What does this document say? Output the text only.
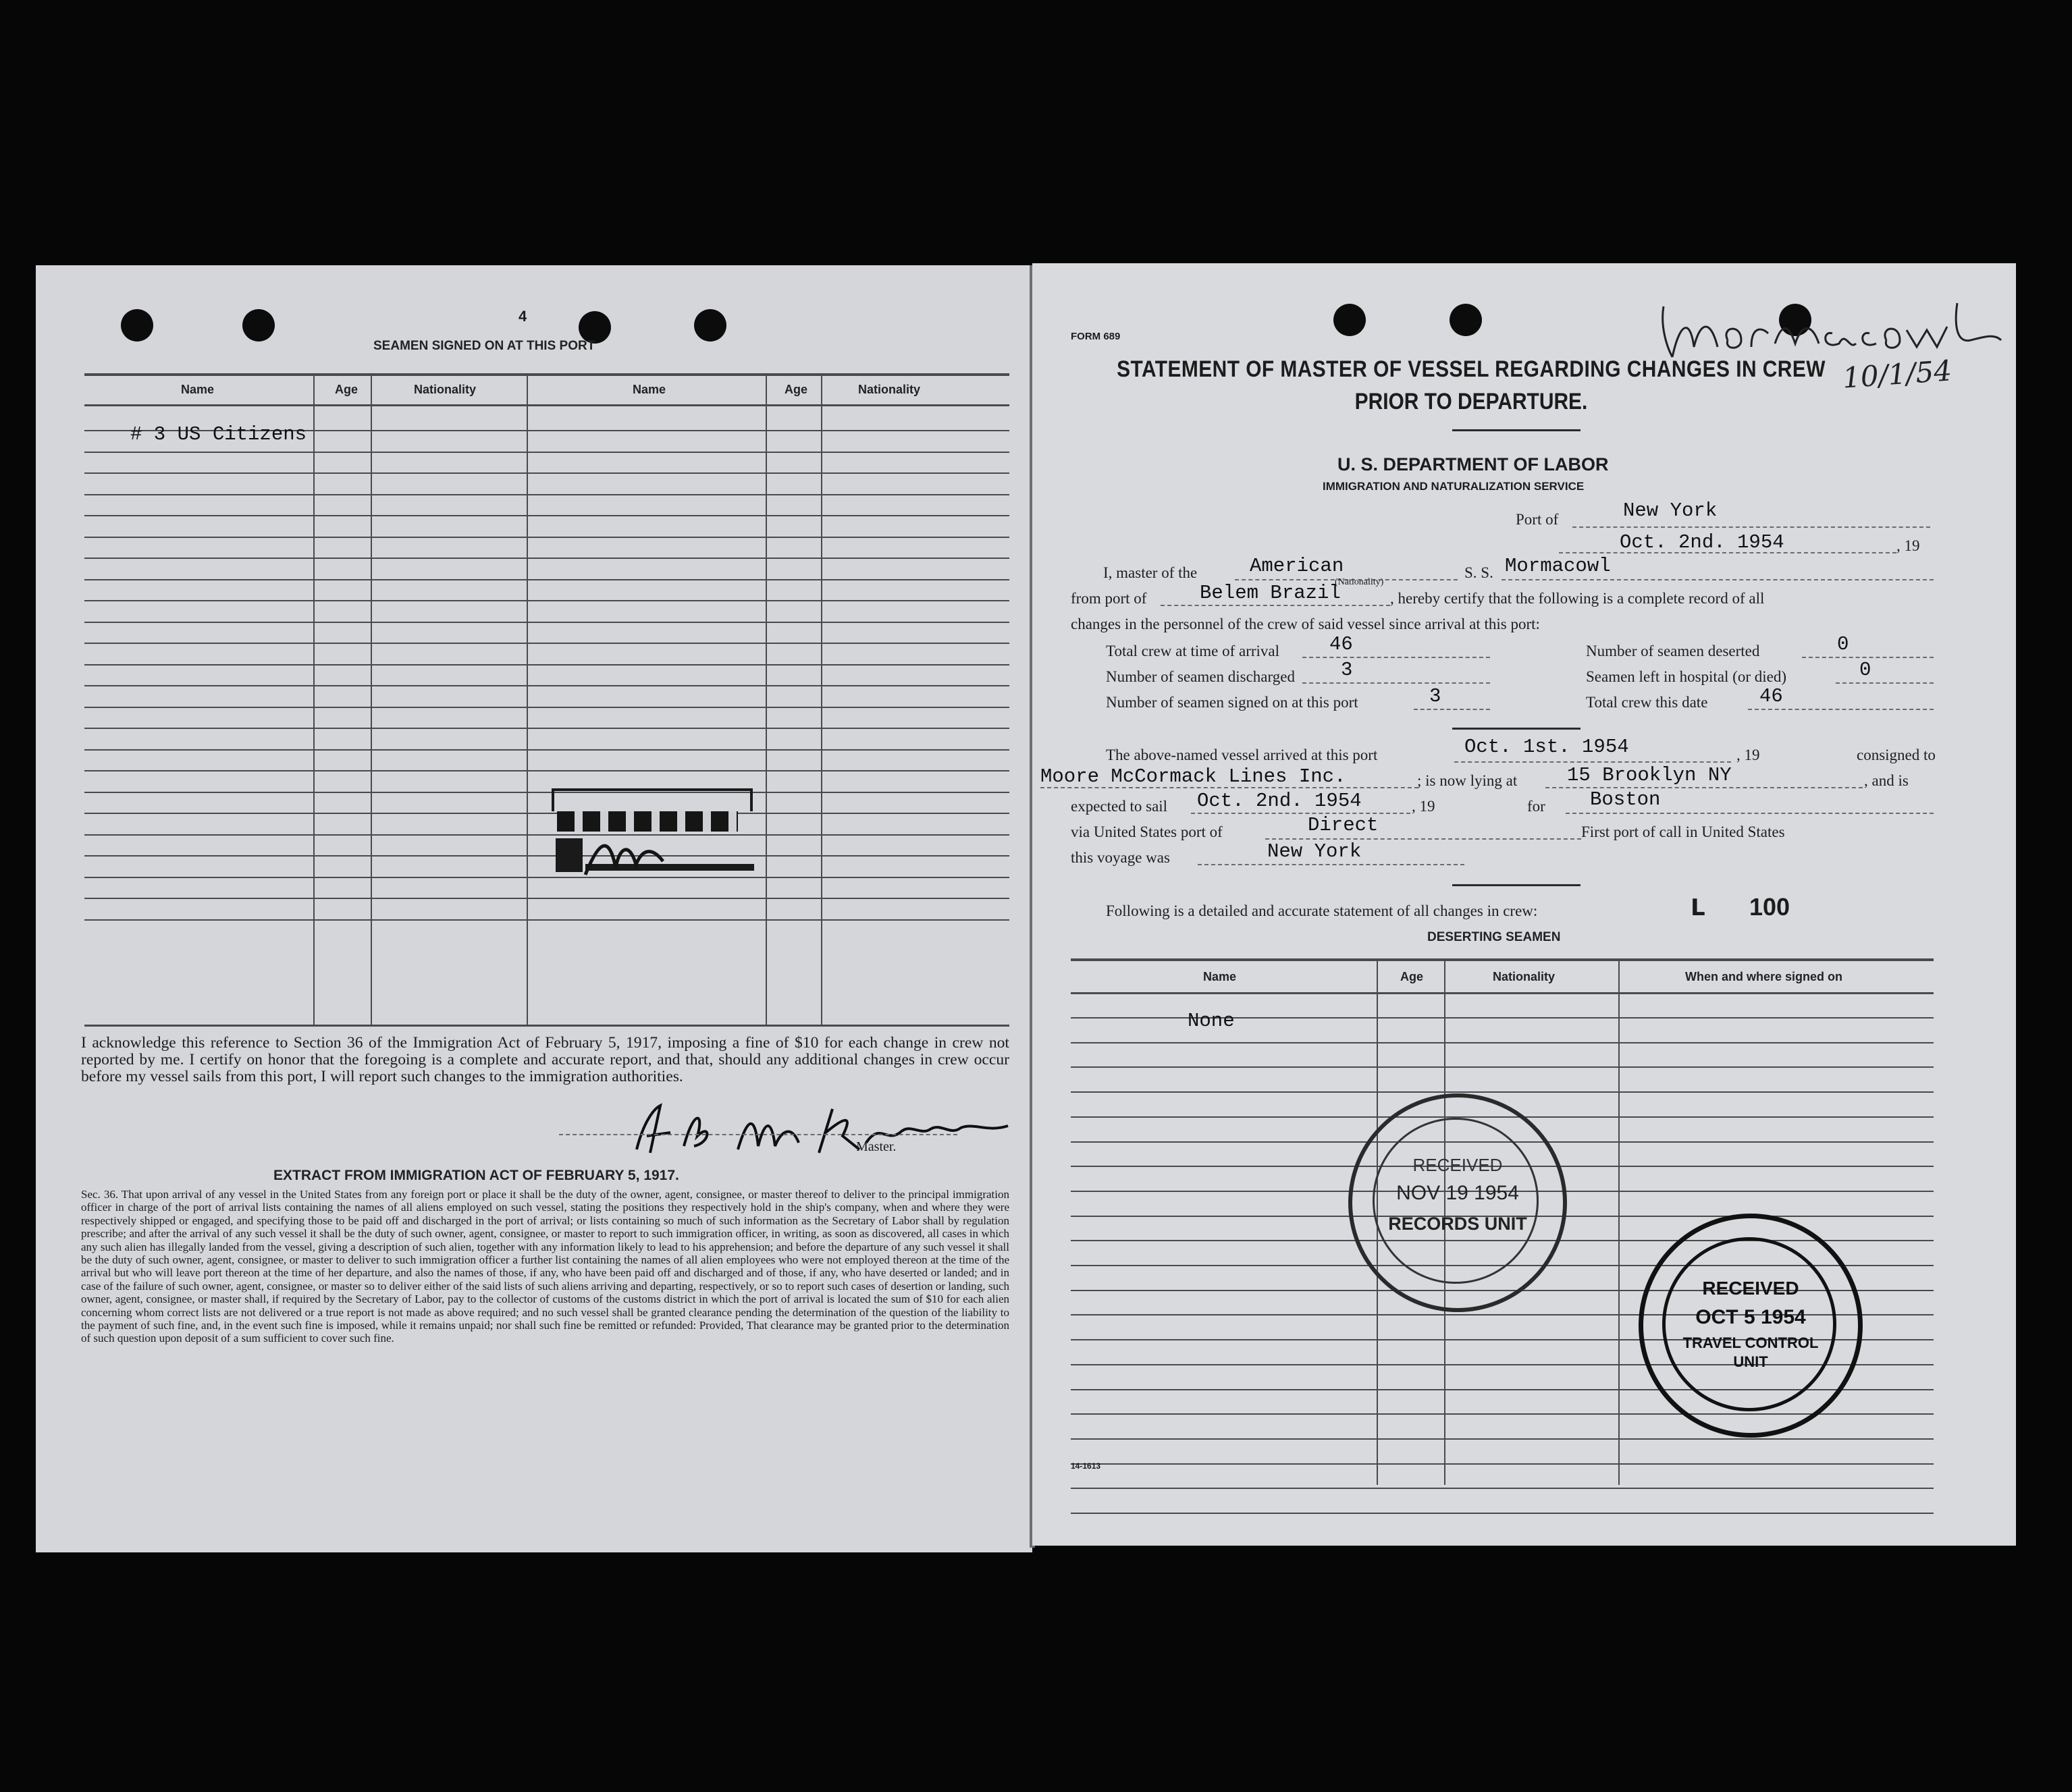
4
SEAMEN SIGNED ON AT THIS PORT
Name	Age	Nationality	Name	Age	Nationality
# 3 US Citizens
I acknowledge this reference to Section 36 of the Immigration Act of February 5, 1917, imposing a fine of $10 for each change in crew not reported by me. I certify on honor that the foregoing is a complete and accurate report, and that, should any additional changes in crew occur before my vessel sails from this port, I will report such changes to the immigration authorities.
Master.
EXTRACT FROM IMMIGRATION ACT OF FEBRUARY 5, 1917.
Sec. 36. That upon arrival of any vessel in the United States from any foreign port or place it shall be the duty of the owner, agent, consignee, or master thereof to deliver to the principal immigration officer in charge of the port of arrival lists containing the names of all aliens employed on such vessel, stating the positions they respectively hold in the ship's company, when and where they were respectively shipped or engaged, and specifying those to be paid off and discharged in the port of arrival; or lists containing so much of such information as the Secretary of Labor shall by regulation prescribe; and after the arrival of any such vessel it shall be the duty of such owner, agent, consignee, or master to report to such immigration officer, in writing, as soon as discovered, all cases in which any such alien has illegally landed from the vessel, giving a description of such alien, together with any information likely to lead to his apprehension; and before the departure of any such vessel it shall be the duty of such owner, agent, consignee, or master to deliver to such immigration officer a further list containing the names of all alien employees who were not employed thereon at the time of the arrival but who will leave port thereon at the time of her departure, and also the names of those, if any, who have been paid off and discharged and of those, if any, who have deserted or landed; and in case of the failure of such owner, agent, consignee, or master so to deliver either of the said lists of such aliens arriving and departing, respectively, or so to report such cases of desertion or landing, such owner, agent, consignee, or master shall, if required by the Secretary of Labor, pay to the collector of customs of the customs district in which the port of arrival is located the sum of $10 for each alien concerning whom correct lists are not delivered or a true report is not made as above required; and no such vessel shall be granted clearance pending the determination of the question of the liability to the payment of such fine, and, in the event such fine is imposed, while it remains unpaid; nor shall such fine be remitted or refunded: Provided, That clearance may be granted prior to the determination of such question upon deposit of a sum sufficient to cover such fine.
FORM 689
10/1/54
STATEMENT OF MASTER OF VESSEL REGARDING CHANGES IN CREW
PRIOR TO DEPARTURE.
U. S. DEPARTMENT OF LABOR
IMMIGRATION AND NATURALIZATION SERVICE
Port of	New York
Oct. 2nd. 1954	, 19
I, master of the	American
(Nationality)
S. S. Mormacowl
from port of	Belem Brazil	, hereby certify that the following is a complete record of all
changes in the personnel of the crew of said vessel since arrival at this port:
Total crew at time of arrival	46
Number of seamen discharged 3
Number of seamen signed on at this port	3
Number of seamen deserted	0
Seamen left in hospital (or died)	0
Total crew this date	46
The above-named vessel arrived at this port	Oct. 1st. 1954	, 19	consigned to
Moore McCormack Lines Inc.	; is now lying at	15 Brooklyn NY	, and is
expected to sail Oct. 2nd. 1954	, 19	for Boston
via United States port of	Direct	First port of call in United States
this voyage was	New York
Following is a detailed and accurate statement of all changes in crew:	L 100
DESERTING SEAMEN
Name	Age	Nationality	When and where signed on
None
RECEIVED
NOV 19 1954
RECORDS UNIT
RECEIVED
OCT 5 1954
TRAVEL CONTROL
UNIT
14-1613
